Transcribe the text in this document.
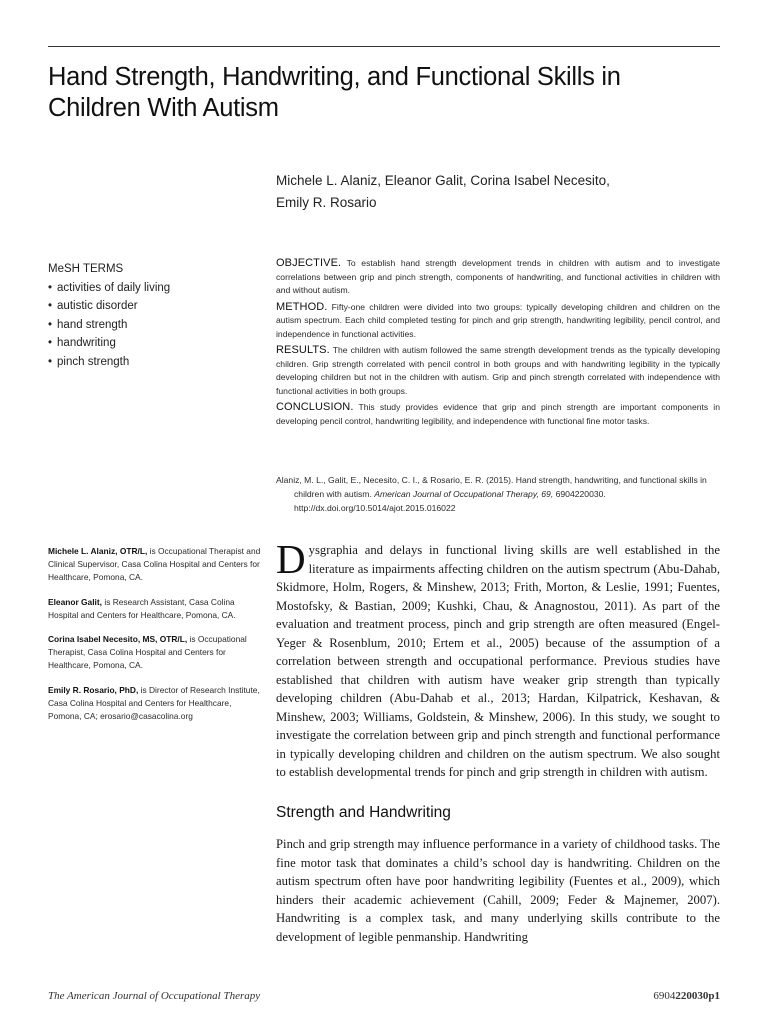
Hand Strength, Handwriting, and Functional Skills in Children With Autism
Michele L. Alaniz, Eleanor Galit, Corina Isabel Necesito,
Emily R. Rosario
MeSH TERMS
• activities of daily living
• autistic disorder
• hand strength
• handwriting
• pinch strength

OBJECTIVE. To establish hand strength development trends in children with autism and to investigate correlations between grip and pinch strength, components of handwriting, and functional activities in children with and without autism.

METHOD. Fifty-one children were divided into two groups: typically developing children and children on the autism spectrum. Each child completed testing for pinch and grip strength, handwriting legibility, pencil control, and independence in functional activities.

RESULTS. The children with autism followed the same strength development trends as the typically developing children. Grip strength correlated with pencil control in both groups and with handwriting legibility in the typically developing children but not in the children with autism. Grip and pinch strength correlated with independence with functional activities in both groups.

CONCLUSION. This study provides evidence that grip and pinch strength are important components in developing pencil control, handwriting legibility, and independence with functional fine motor tasks.

Alaniz, M. L., Galit, E., Necesito, C. I., & Rosario, E. R. (2015). Hand strength, handwriting, and functional skills in children with autism. American Journal of Occupational Therapy, 69, 6904220030. http://dx.doi.org/10.5014/ajot.2015.016022

Michele L. Alaniz, OTR/L, is Occupational Therapist and Clinical Supervisor, Casa Colina Hospital and Centers for Healthcare, Pomona, CA.

Eleanor Galit, is Research Assistant, Casa Colina Hospital and Centers for Healthcare, Pomona, CA.

Corina Isabel Necesito, MS, OTR/L, is Occupational Therapist, Casa Colina Hospital and Centers for Healthcare, Pomona, CA.

Emily R. Rosario, PhD, is Director of Research Institute, Casa Colina Hospital and Centers for Healthcare, Pomona, CA; erosario@casacolina.org

Dysgraphia and delays in functional living skills are well established in the literature as impairments affecting children on the autism spectrum (Abu-Dahab, Skidmore, Holm, Rogers, & Minshew, 2013; Frith, Morton, & Leslie, 1991; Fuentes, Mostofsky, & Bastian, 2009; Kushki, Chau, & Anagnostou, 2011). As part of the evaluation and treatment process, pinch and grip strength are often measured (Engel-Yeger & Rosenblum, 2010; Ertem et al., 2005) because of the assumption of a correlation between strength and occupational performance. Previous studies have established that children with autism have weaker grip strength than typically developing children (Abu-Dahab et al., 2013; Hardan, Kilpatrick, Keshavan, & Minshew, 2003; Williams, Goldstein, & Minshew, 2006). In this study, we sought to investigate the correlation between grip and pinch strength and functional performance in typically developing children and children on the autism spectrum. We also sought to establish developmental trends for pinch and grip strength in children with autism.

Strength and Handwriting

Pinch and grip strength may influence performance in a variety of childhood tasks. The fine motor task that dominates a child’s school day is handwriting. Children on the autism spectrum often have poor handwriting legibility (Fuentes et al., 2009), which hinders their academic achievement (Cahill, 2009; Feder & Majnemer, 2007). Handwriting is a complex task, and many underlying skills contribute to the development of legible penmanship. Handwriting

The American Journal of Occupational Therapy	6904220030p1
